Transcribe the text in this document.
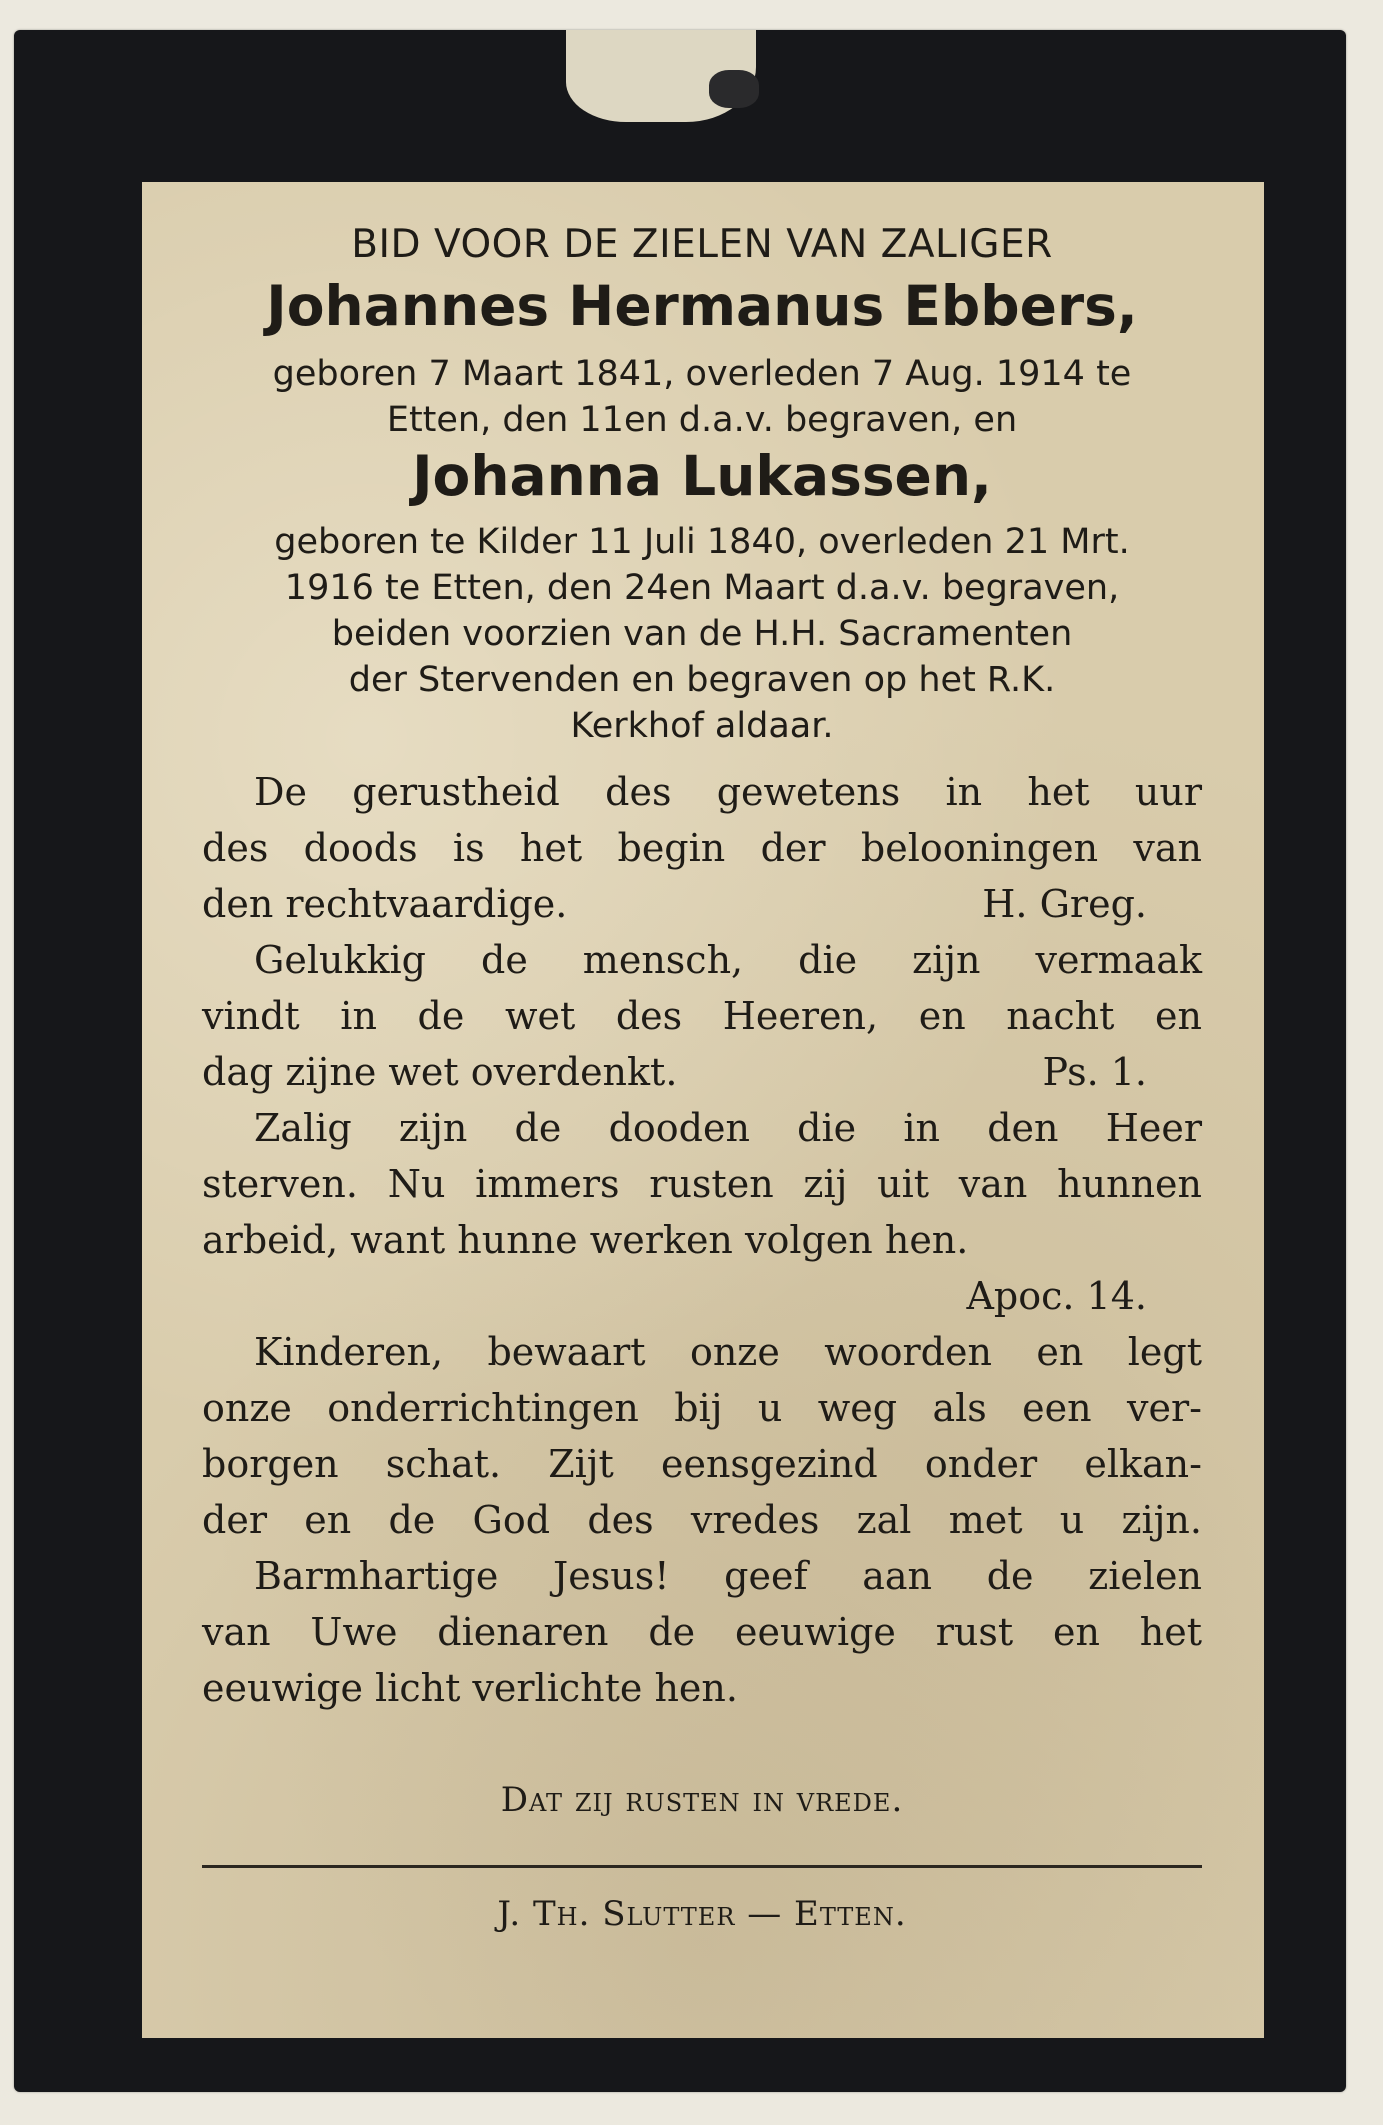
BID VOOR DE ZIELEN VAN ZALIGER
Johannes Hermanus Ebbers,
geboren 7 Maart 1841, overleden 7 Aug. 1914 te
Etten, den 11en d.a.v. begraven, en
Johanna Lukassen,
geboren te Kilder 11 Juli 1840, overleden 21 Mrt.
1916 te Etten, den 24en Maart d.a.v. begraven,
beiden voorzien van de H.H. Sacramenten
der Stervenden en begraven op het R.K.
Kerkhof aldaar.
De gerustheid des gewetens in het uur
des doods is het begin der belooningen van
den rechtvaardige.	H. Greg.
Gelukkig de mensch, die zijn vermaak
vindt in de wet des Heeren, en nacht en
dag zijne wet overdenkt.	Ps. 1.
Zalig zijn de dooden die in den Heer
sterven. Nu immers rusten zij uit van hunnen
arbeid, want hunne werken volgen hen.
Apoc. 14.
Kinderen, bewaart onze woorden en legt
onze onderrichtingen bij u weg als een ver-
borgen schat. Zijt eensgezind onder elkan-
der en de God des vredes zal met u zijn.
Barmhartige Jesus! geef aan de zielen
van Uwe dienaren de eeuwige rust en het
eeuwige licht verlichte hen.
Dat zij rusten in vrede.
J. Th. Slutter — Etten.
